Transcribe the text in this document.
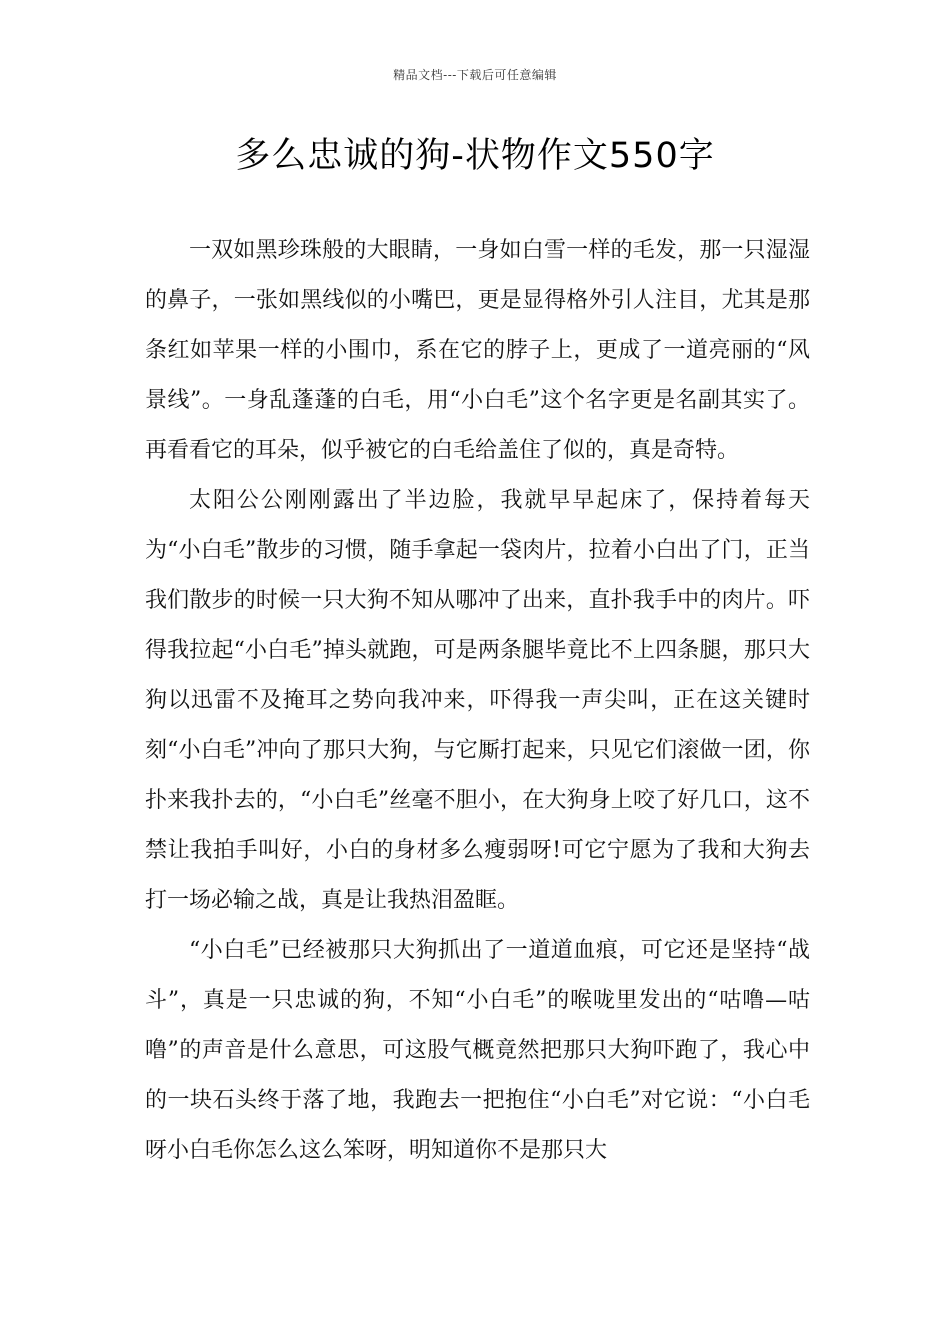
精品文档---下载后可任意编辑
多么忠诚的狗-状物作文550字

一双如黑珍珠般的大眼睛，一身如白雪一样的毛发，那一只湿湿的鼻子，一张如黑线似的小嘴巴，更是显得格外引人注目，尤其是那条红如苹果一样的小围巾，系在它的脖子上，更成了一道亮丽的“风景线”。一身乱蓬蓬的白毛，用“小白毛”这个名字更是名副其实了。再看看它的耳朵，似乎被它的白毛给盖住了似的，真是奇特。

太阳公公刚刚露出了半边脸，我就早早起床了，保持着每天为“小白毛”散步的习惯，随手拿起一袋肉片，拉着小白出了门，正当我们散步的时候一只大狗不知从哪冲了出来，直扑我手中的肉片。吓得我拉起“小白毛”掉头就跑，可是两条腿毕竟比不上四条腿，那只大狗以迅雷不及掩耳之势向我冲来，吓得我一声尖叫，正在这关键时刻“小白毛”冲向了那只大狗，与它厮打起来，只见它们滚做一团，你扑来我扑去的，“小白毛”丝毫不胆小，在大狗身上咬了好几口，这不禁让我拍手叫好，小白的身材多么瘦弱呀!可它宁愿为了我和大狗去打一场必输之战，真是让我热泪盈眶。

“小白毛”已经被那只大狗抓出了一道道血痕，可它还是坚持“战斗”，真是一只忠诚的狗，不知“小白毛”的喉咙里发出的“咕噜—咕噜”的声音是什么意思，可这股气概竟然把那只大狗吓跑了，我心中的一块石头终于落了地，我跑去一把抱住“小白毛”对它说：“小白毛呀小白毛你怎么这么笨呀，明知道你不是那只大
